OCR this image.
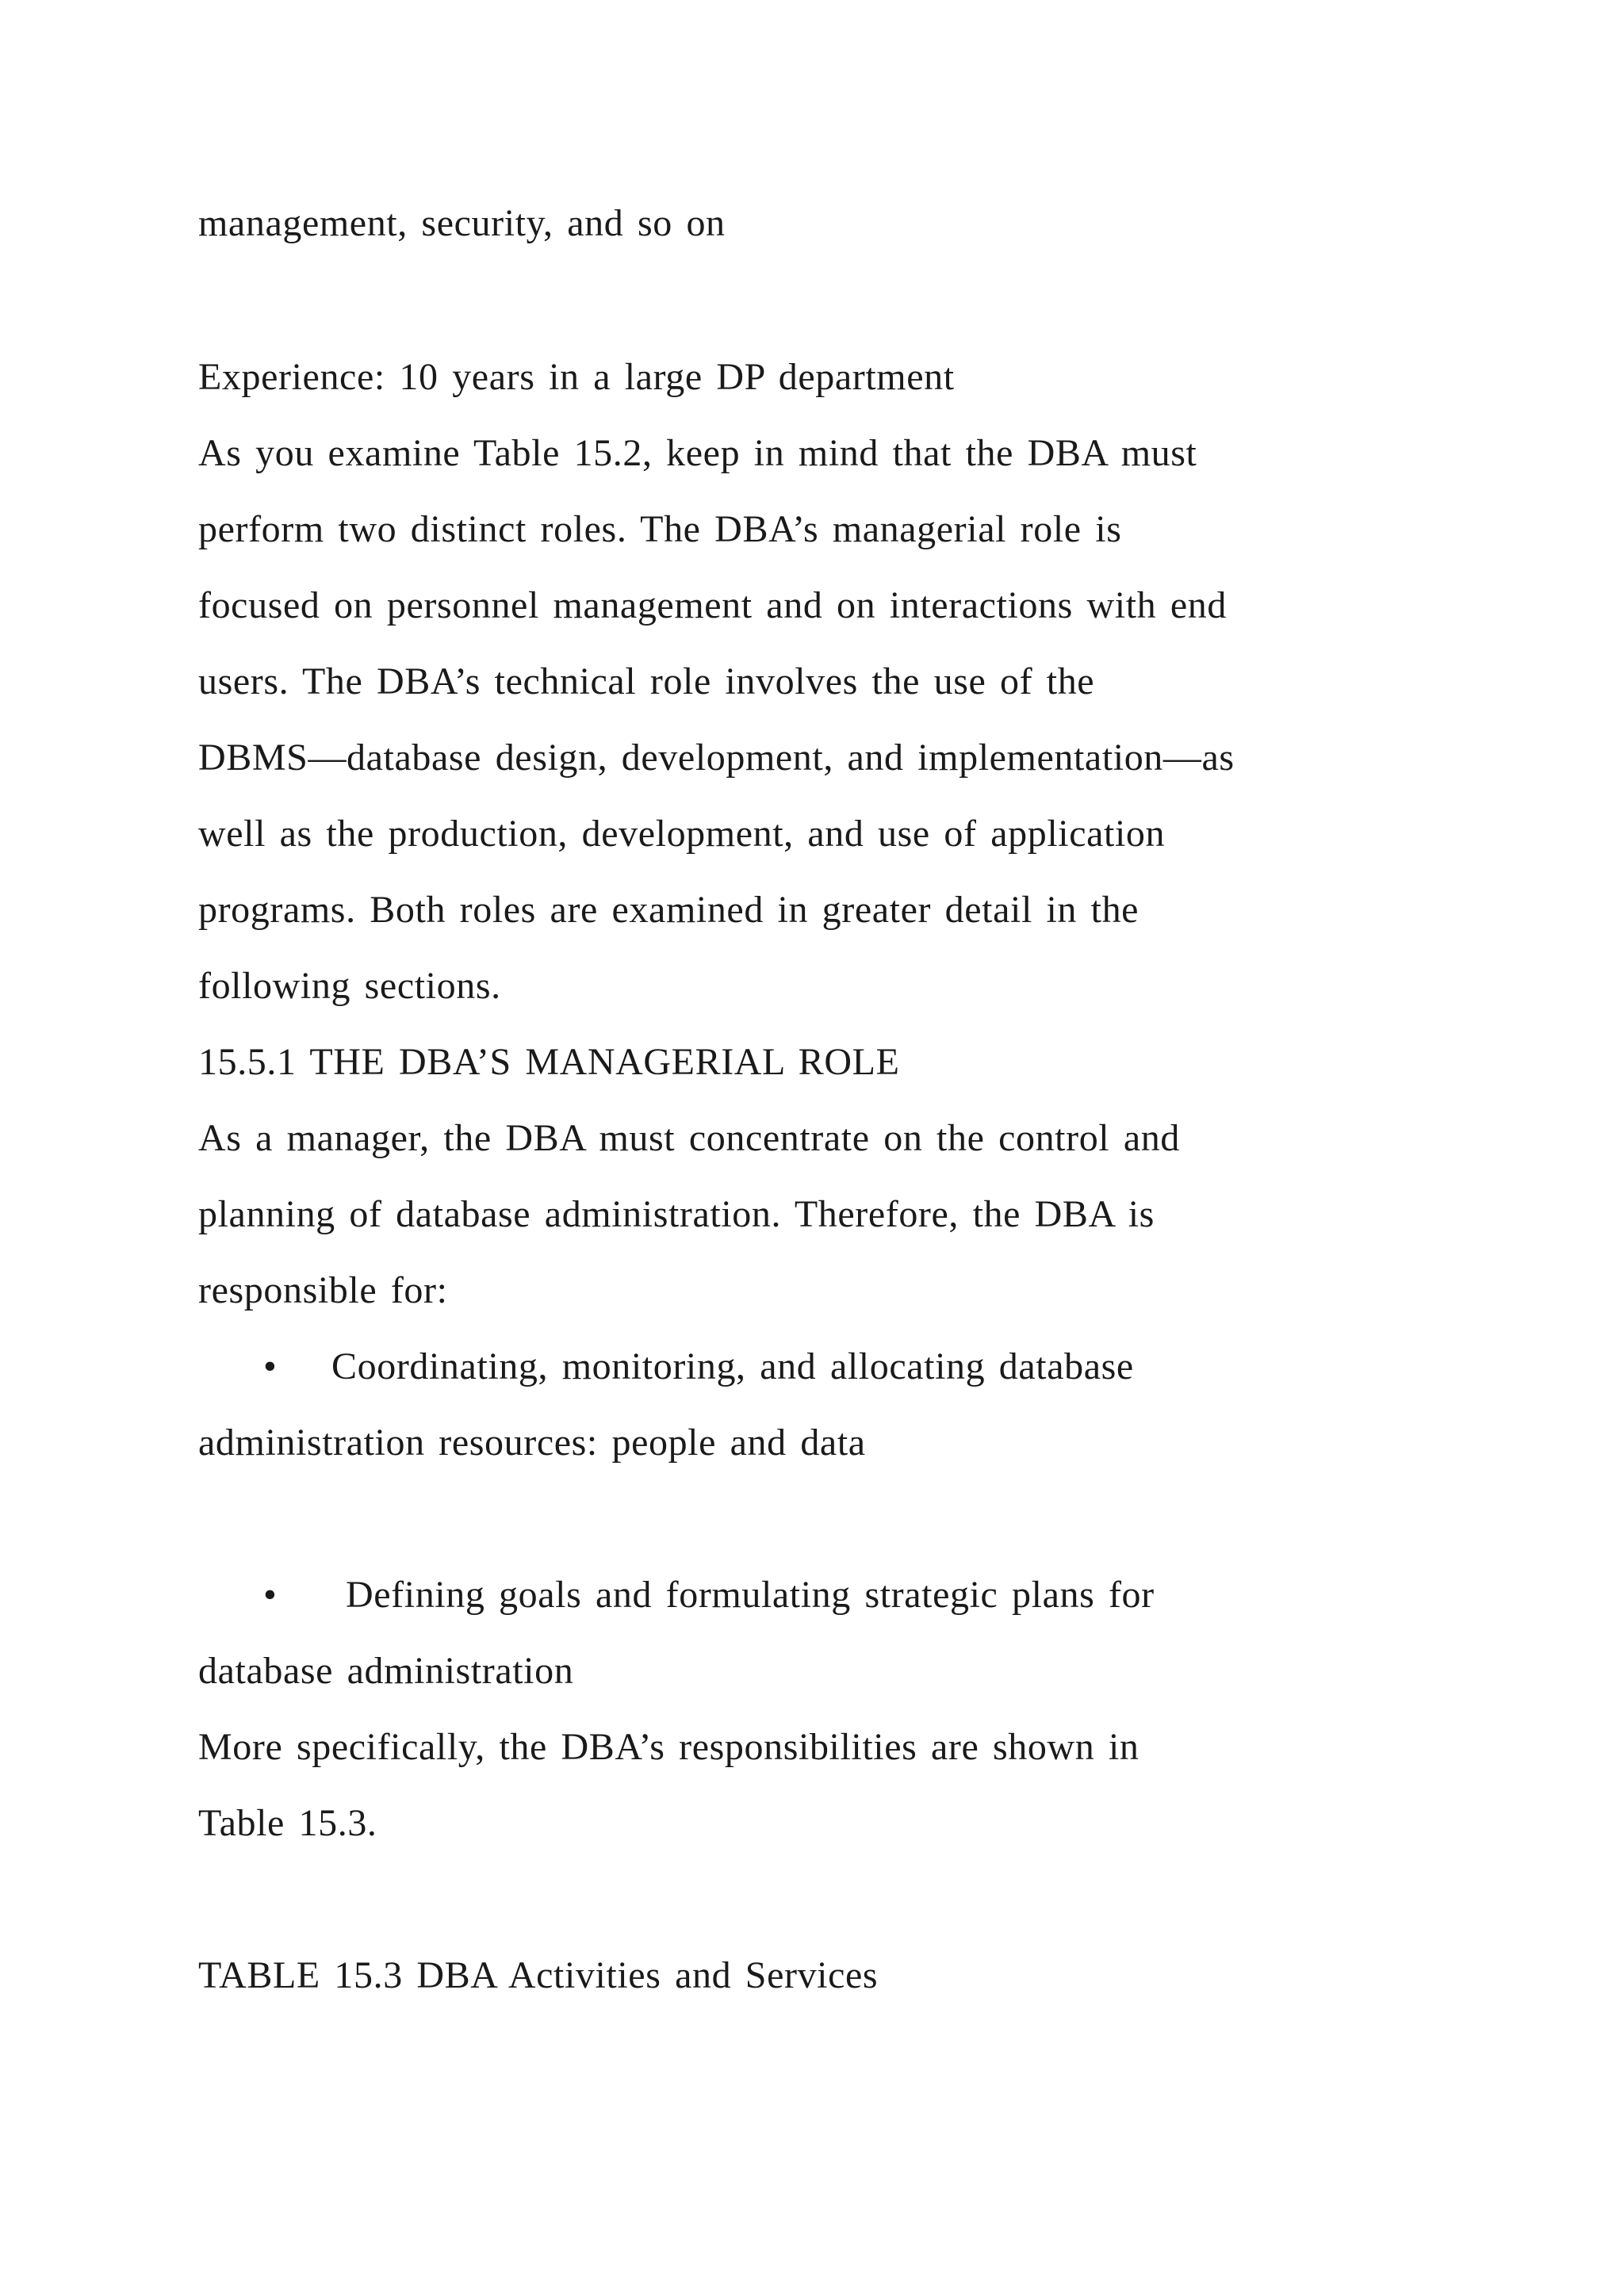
management, security, and so on
Experience: 10 years in a large DP department
As you examine Table 15.2, keep in mind that the DBA must
perform two distinct roles. The DBA’s managerial role is
focused on personnel management and on interactions with end
users. The DBA’s technical role involves the use of the
DBMS—database design, development, and implementation—as
well as the production, development, and use of application
programs. Both roles are examined in greater detail in the
following sections.
15.5.1 THE DBA’S MANAGERIAL ROLE
As a manager, the DBA must concentrate on the control and
planning of database administration. Therefore, the DBA is
responsible for:
• Coordinating, monitoring, and allocating database
administration resources: people and data
• Defining goals and formulating strategic plans for
database administration
More specifically, the DBA’s responsibilities are shown in
Table 15.3.
TABLE 15.3 DBA Activities and Services
